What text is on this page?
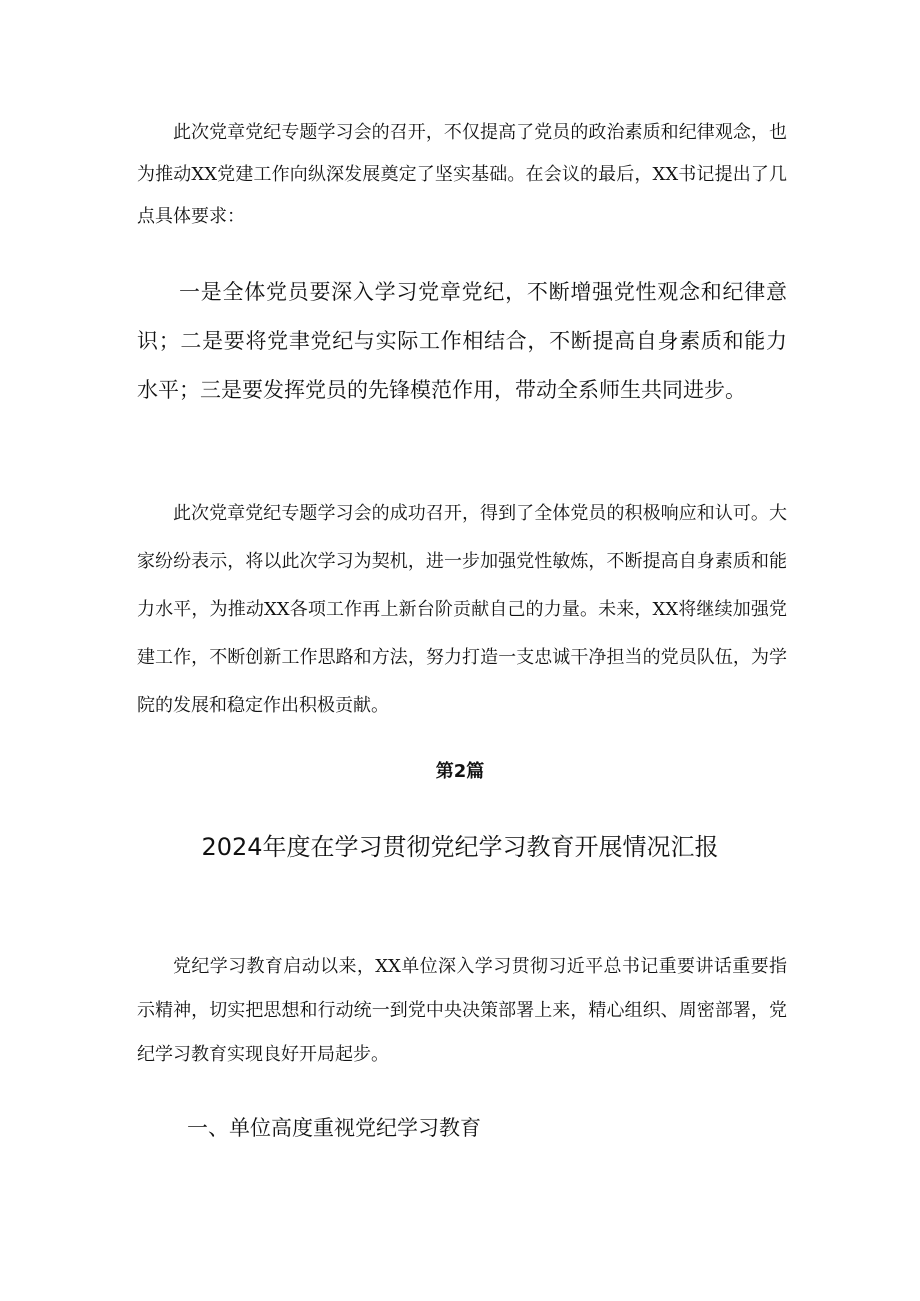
此次党章党纪专题学习会的召开，不仅提高了党员的政治素质和纪律观念，也为推动XX党建工作向纵深发展奠定了坚实基础。在会议的最后，XX书记提出了几点具体要求：

一是全体党员要深入学习党章党纪，不断增强党性观念和纪律意识；二是要将党聿党纪与实际工作相结合，不断提高自身素质和能力水平；三是要发挥党员的先锋模范作用，带动全系师生共同进步。

此次党章党纪专题学习会的成功召开，得到了全体党员的积极响应和认可。大家纷纷表示，将以此次学习为契机，进一步加强党性敏炼，不断提高自身素质和能力水平，为推动XX各项工作再上新台阶贡献自己的力量。未来，XX将继续加强党建工作，不断创新工作思路和方法，努力打造一支忠诚干净担当的党员队伍，为学院的发展和稳定作出积极贡献。

第2篇

2024年度在学习贯彻党纪学习教育开展情况汇报

党纪学习教育启动以来，XX单位深入学习贯彻习近平总书记重要讲话重要指示精神，切实把思想和行动统一到党中央决策部署上来，精心组织、周密部署，党纪学习教育实现良好开局起步。

一、单位高度重视党纪学习教育
